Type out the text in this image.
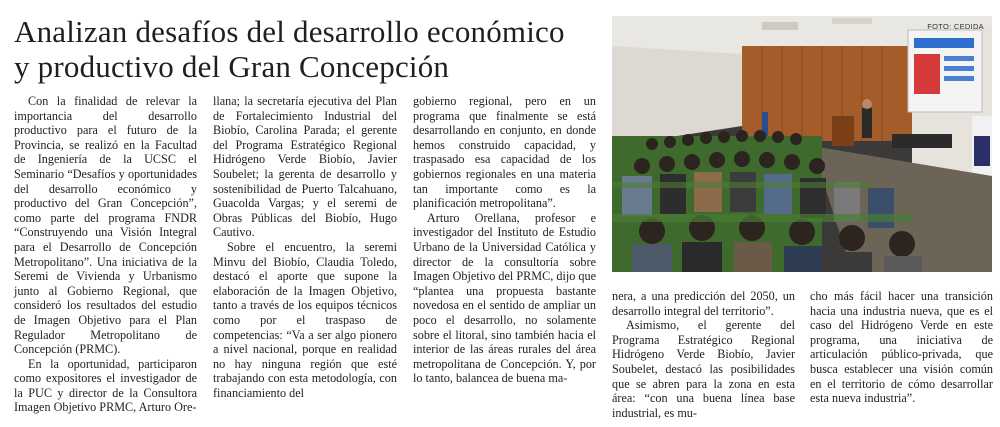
Analizan desafíos del desarrollo económico
y productivo del Gran Concepción

Con la finalidad de relevar la importancia del desarrollo productivo para el futuro de la Provincia, se realizó en la Facultad de Ingeniería de la UCSC el Seminario “Desafíos y oportunidades del desarrollo económico y productivo del Gran Concepción”, como parte del programa FNDR “Construyendo una Visión Integral para el Desarrollo de Concepción Metropolitano”. Una iniciativa de la Seremi de Vivienda y Urbanismo junto al Gobierno Regional, que consideró los resultados del estudio de Imagen Objetivo para el Plan Regulador Metropolitano de Concepción (PRMC).

En la oportunidad, participaron como expositores el investigador de la PUC y director de la Consultora Imagen Objetivo PRMC, Arturo Ore-

llana; la secretaría ejecutiva del Plan de Fortalecimiento Industrial del Biobío, Carolina Parada; el gerente del Programa Estratégico Regional Hidrógeno Verde Biobío, Javier Soubelet; la gerenta de desarrollo y sostenibilidad de Puerto Talcahuano, Guacolda Vargas; y el seremi de Obras Públicas del Biobío, Hugo Cautivo.

Sobre el encuentro, la seremi Minvu del Biobío, Claudia Toledo, destacó el aporte que supone la elaboración de la Imagen Objetivo, tanto a través de los equipos técnicos como por el traspaso de competencias: “Va a ser algo pionero a nivel nacional, porque en realidad no hay ninguna región que esté trabajando con esta metodología, con financiamiento del

gobierno regional, pero en un programa que finalmente se está desarrollando en conjunto, en donde hemos construido capacidad, y traspasado esa capacidad de los gobiernos regionales en una materia tan importante como es la planificación metropolitana”.

Arturo Orellana, profesor e investigador del Instituto de Estudio Urbano de la Universidad Católica y director de la consultoría sobre Imagen Objetivo del PRMC, dijo que “plantea una propuesta bastante novedosa en el sentido de ampliar un poco el desarrollo, no solamente sobre el litoral, sino también hacia el interior de las áreas rurales del área metropolitana de Concepción. Y, por lo tanto, balancea de buena ma-

nera, a una predicción del 2050, un desarrollo integral del territorio”.

Asimismo, el gerente del Programa Estratégico Regional Hidrógeno Verde Biobío, Javier Soubelet, destacó las posibilidades que se abren para la zona en esta área: “con una buena línea base industrial, es mu-

cho más fácil hacer una transición hacia una industria nueva, que es el caso del Hidrógeno Verde en este programa, una iniciativa de articulación público-privada, que busca establecer una visión común en el territorio de cómo desarrollar esta nueva industria”.

FOTO: CEDIDA
